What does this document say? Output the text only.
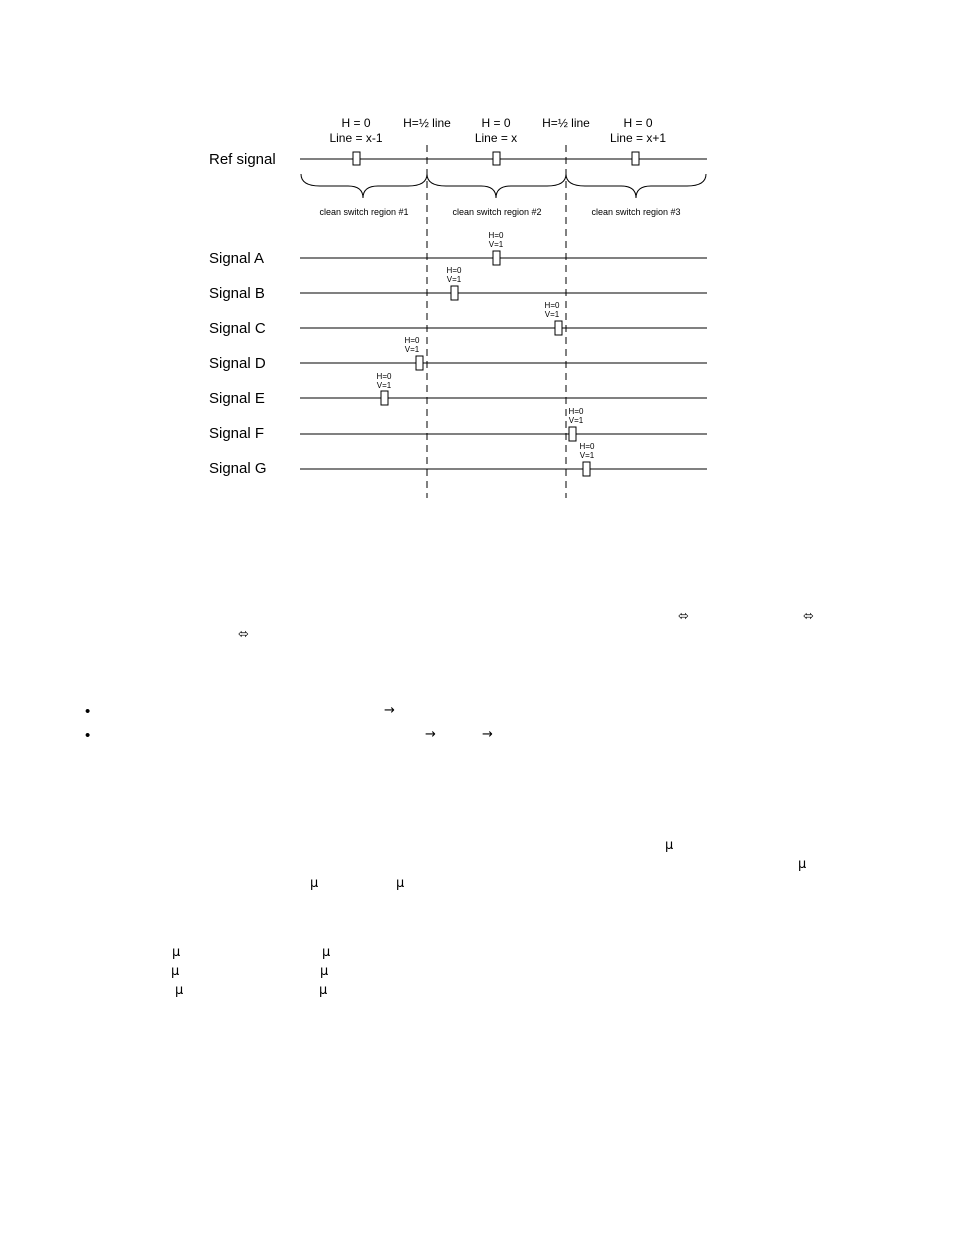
H = 0
Line = x-1
H=½ line	H = 0
Line = x
H=½ line	H = 0
Line = x+1
Ref signal
clean switch region #1	clean switch region #2	clean switch region #3
Signal A
H=0
V=1
Signal B
H=0
V=1
Signal C
H=0
V=1
Signal D
H=0
V=1
Signal E
H=0
V=1
Signal F
H=0
V=1
Signal G
H=0
V=1
⬄	⬄
⬄
•	→
•	→	→
μ
μ
μ	μ
μ	μ
μ	μ
μ	μ
